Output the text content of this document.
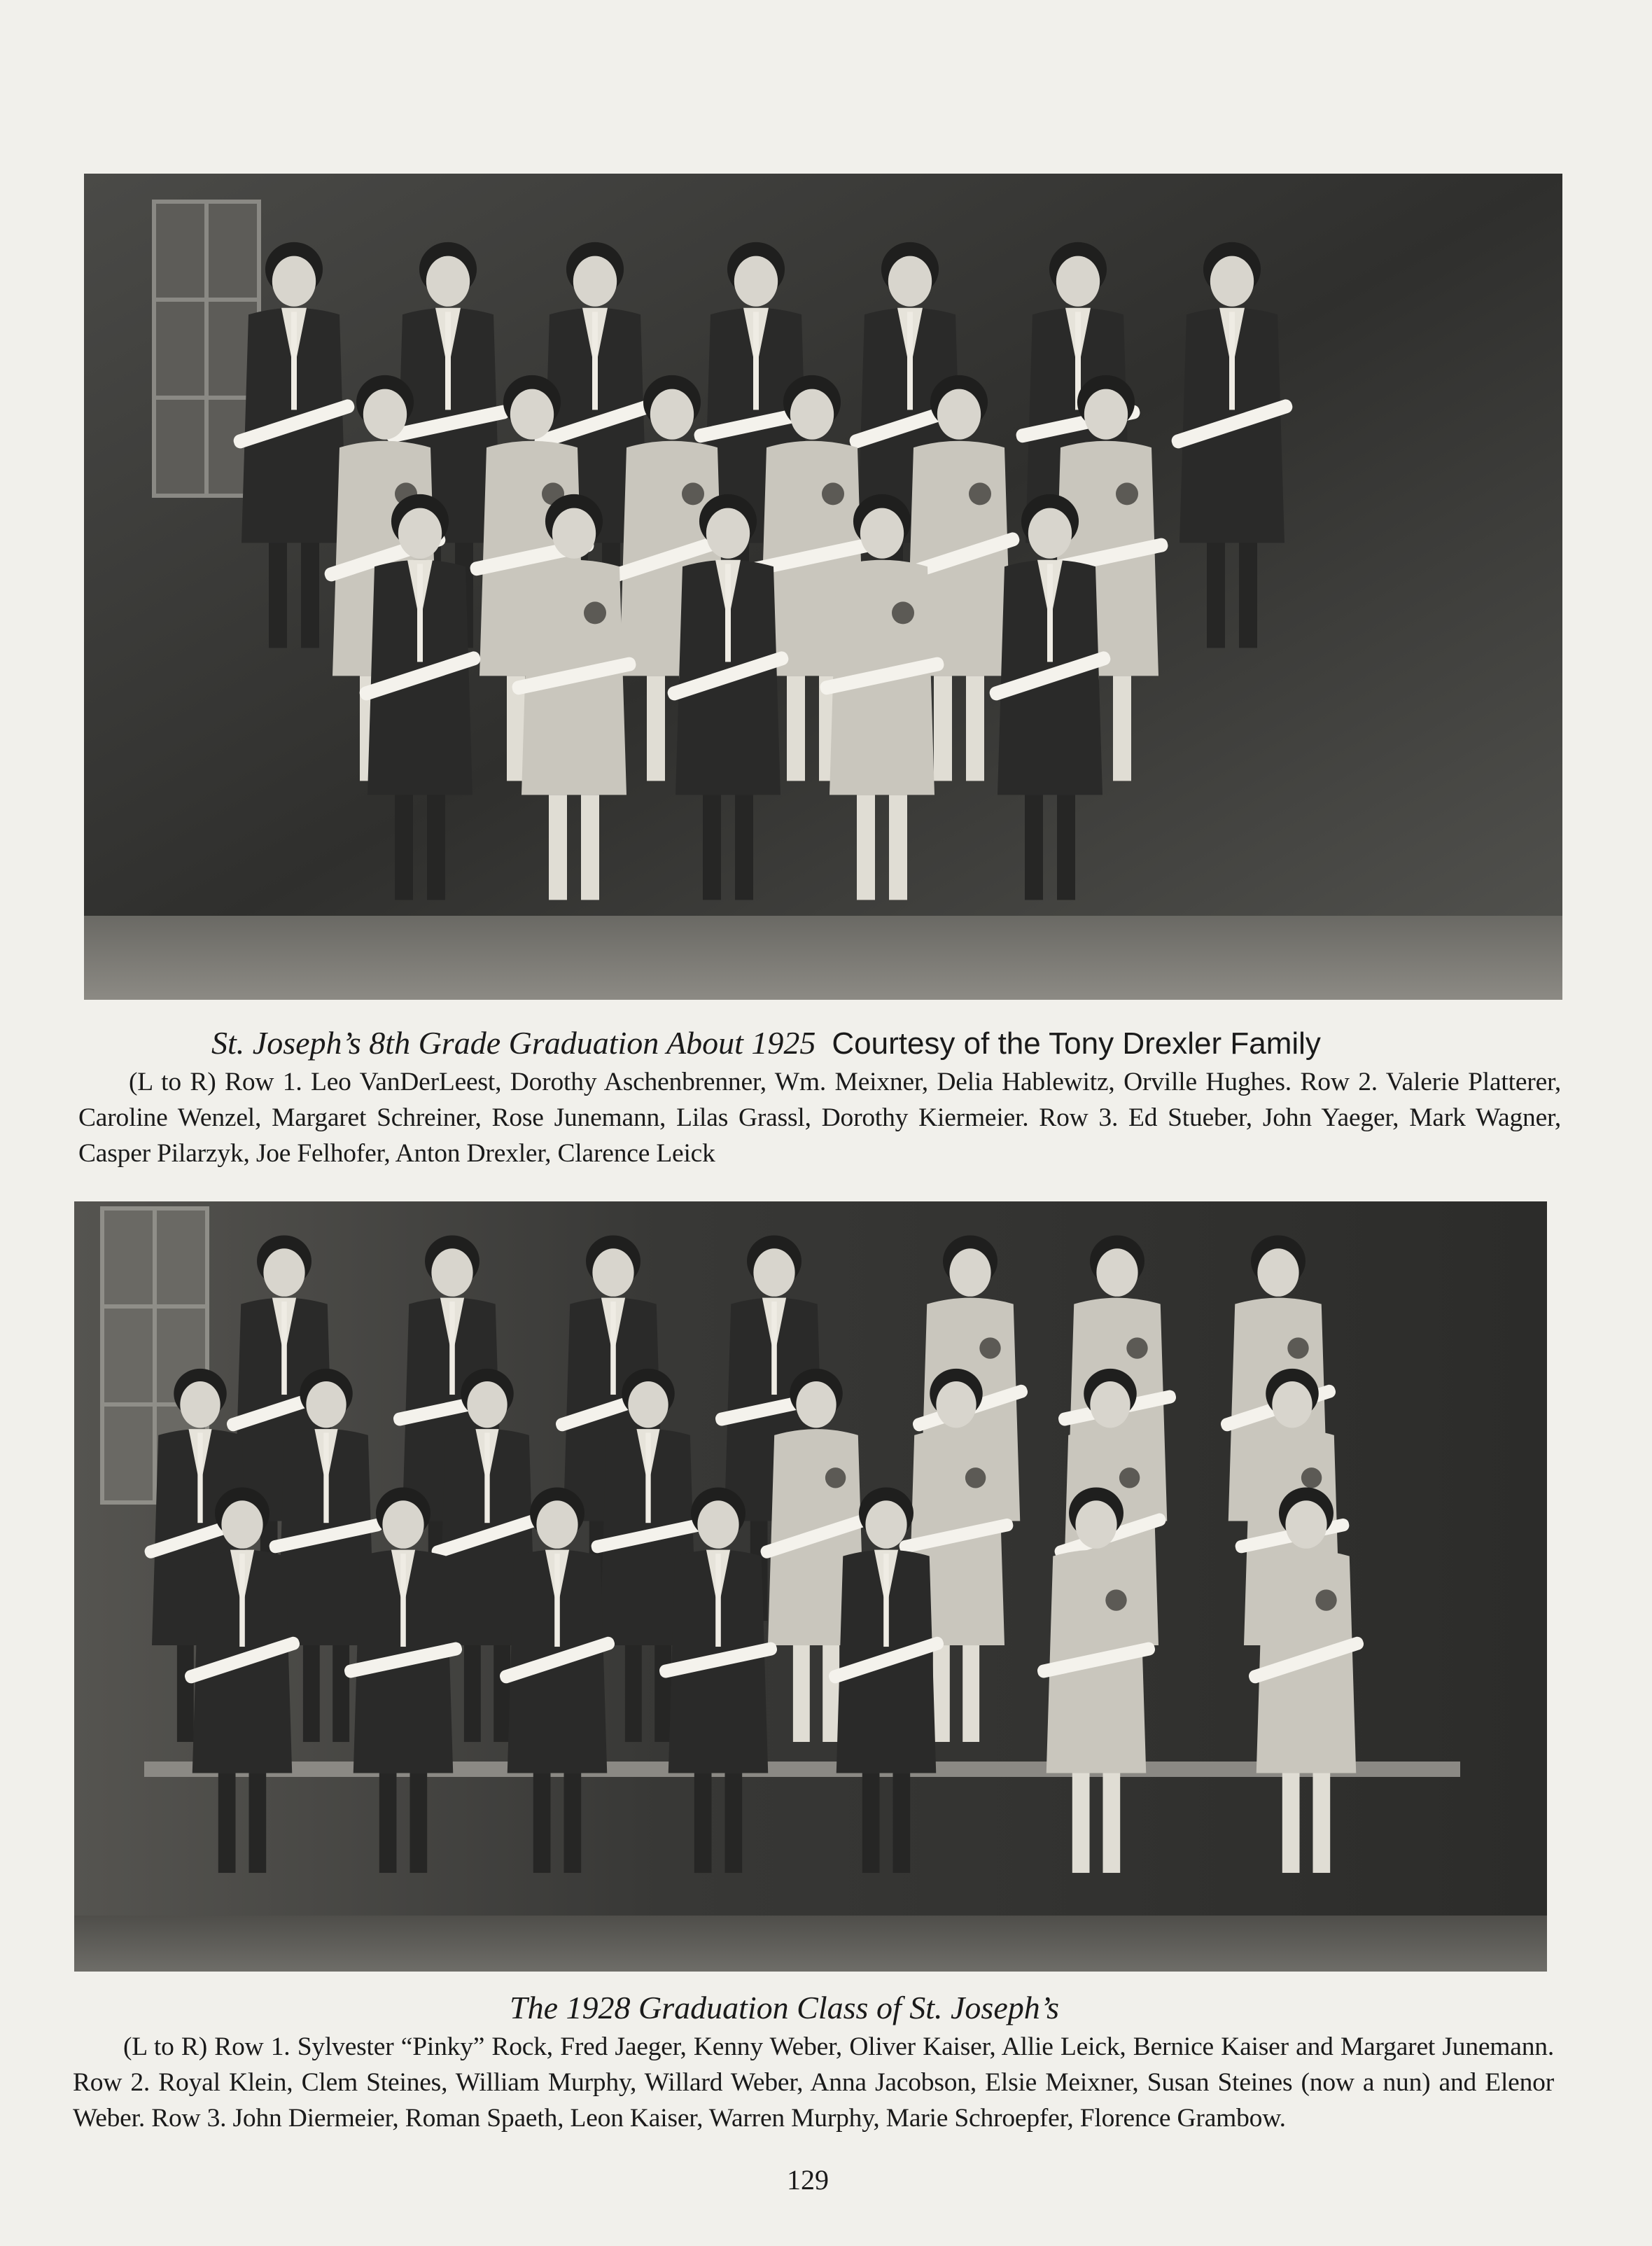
St. Joseph’s 8th Grade Graduation About 1925 Courtesy of the Tony Drexler Family
(L to R) Row 1. Leo VanDerLeest, Dorothy Aschenbrenner, Wm. Meixner, Delia Hablewitz, Orville Hughes. Row 2. Valerie Platterer, Caroline Wenzel, Margaret Schreiner, Rose Junemann, Lilas Grassl, Dorothy Kiermeier. Row 3. Ed Stueber, John Yaeger, Mark Wagner, Casper Pilarzyk, Joe Felhofer, Anton Drexler, Clarence Leick
The 1928 Graduation Class of St. Joseph’s
(L to R) Row 1. Sylvester “Pinky” Rock, Fred Jaeger, Kenny Weber, Oliver Kaiser, Allie Leick, Bernice Kaiser and Margaret Junemann. Row 2. Royal Klein, Clem Steines, William Murphy, Willard Weber, Anna Jacobson, Elsie Meixner, Susan Steines (now a nun) and Elenor Weber. Row 3. John Diermeier, Roman Spaeth, Leon Kaiser, Warren Murphy, Marie Schroepfer, Florence Grambow.
129
